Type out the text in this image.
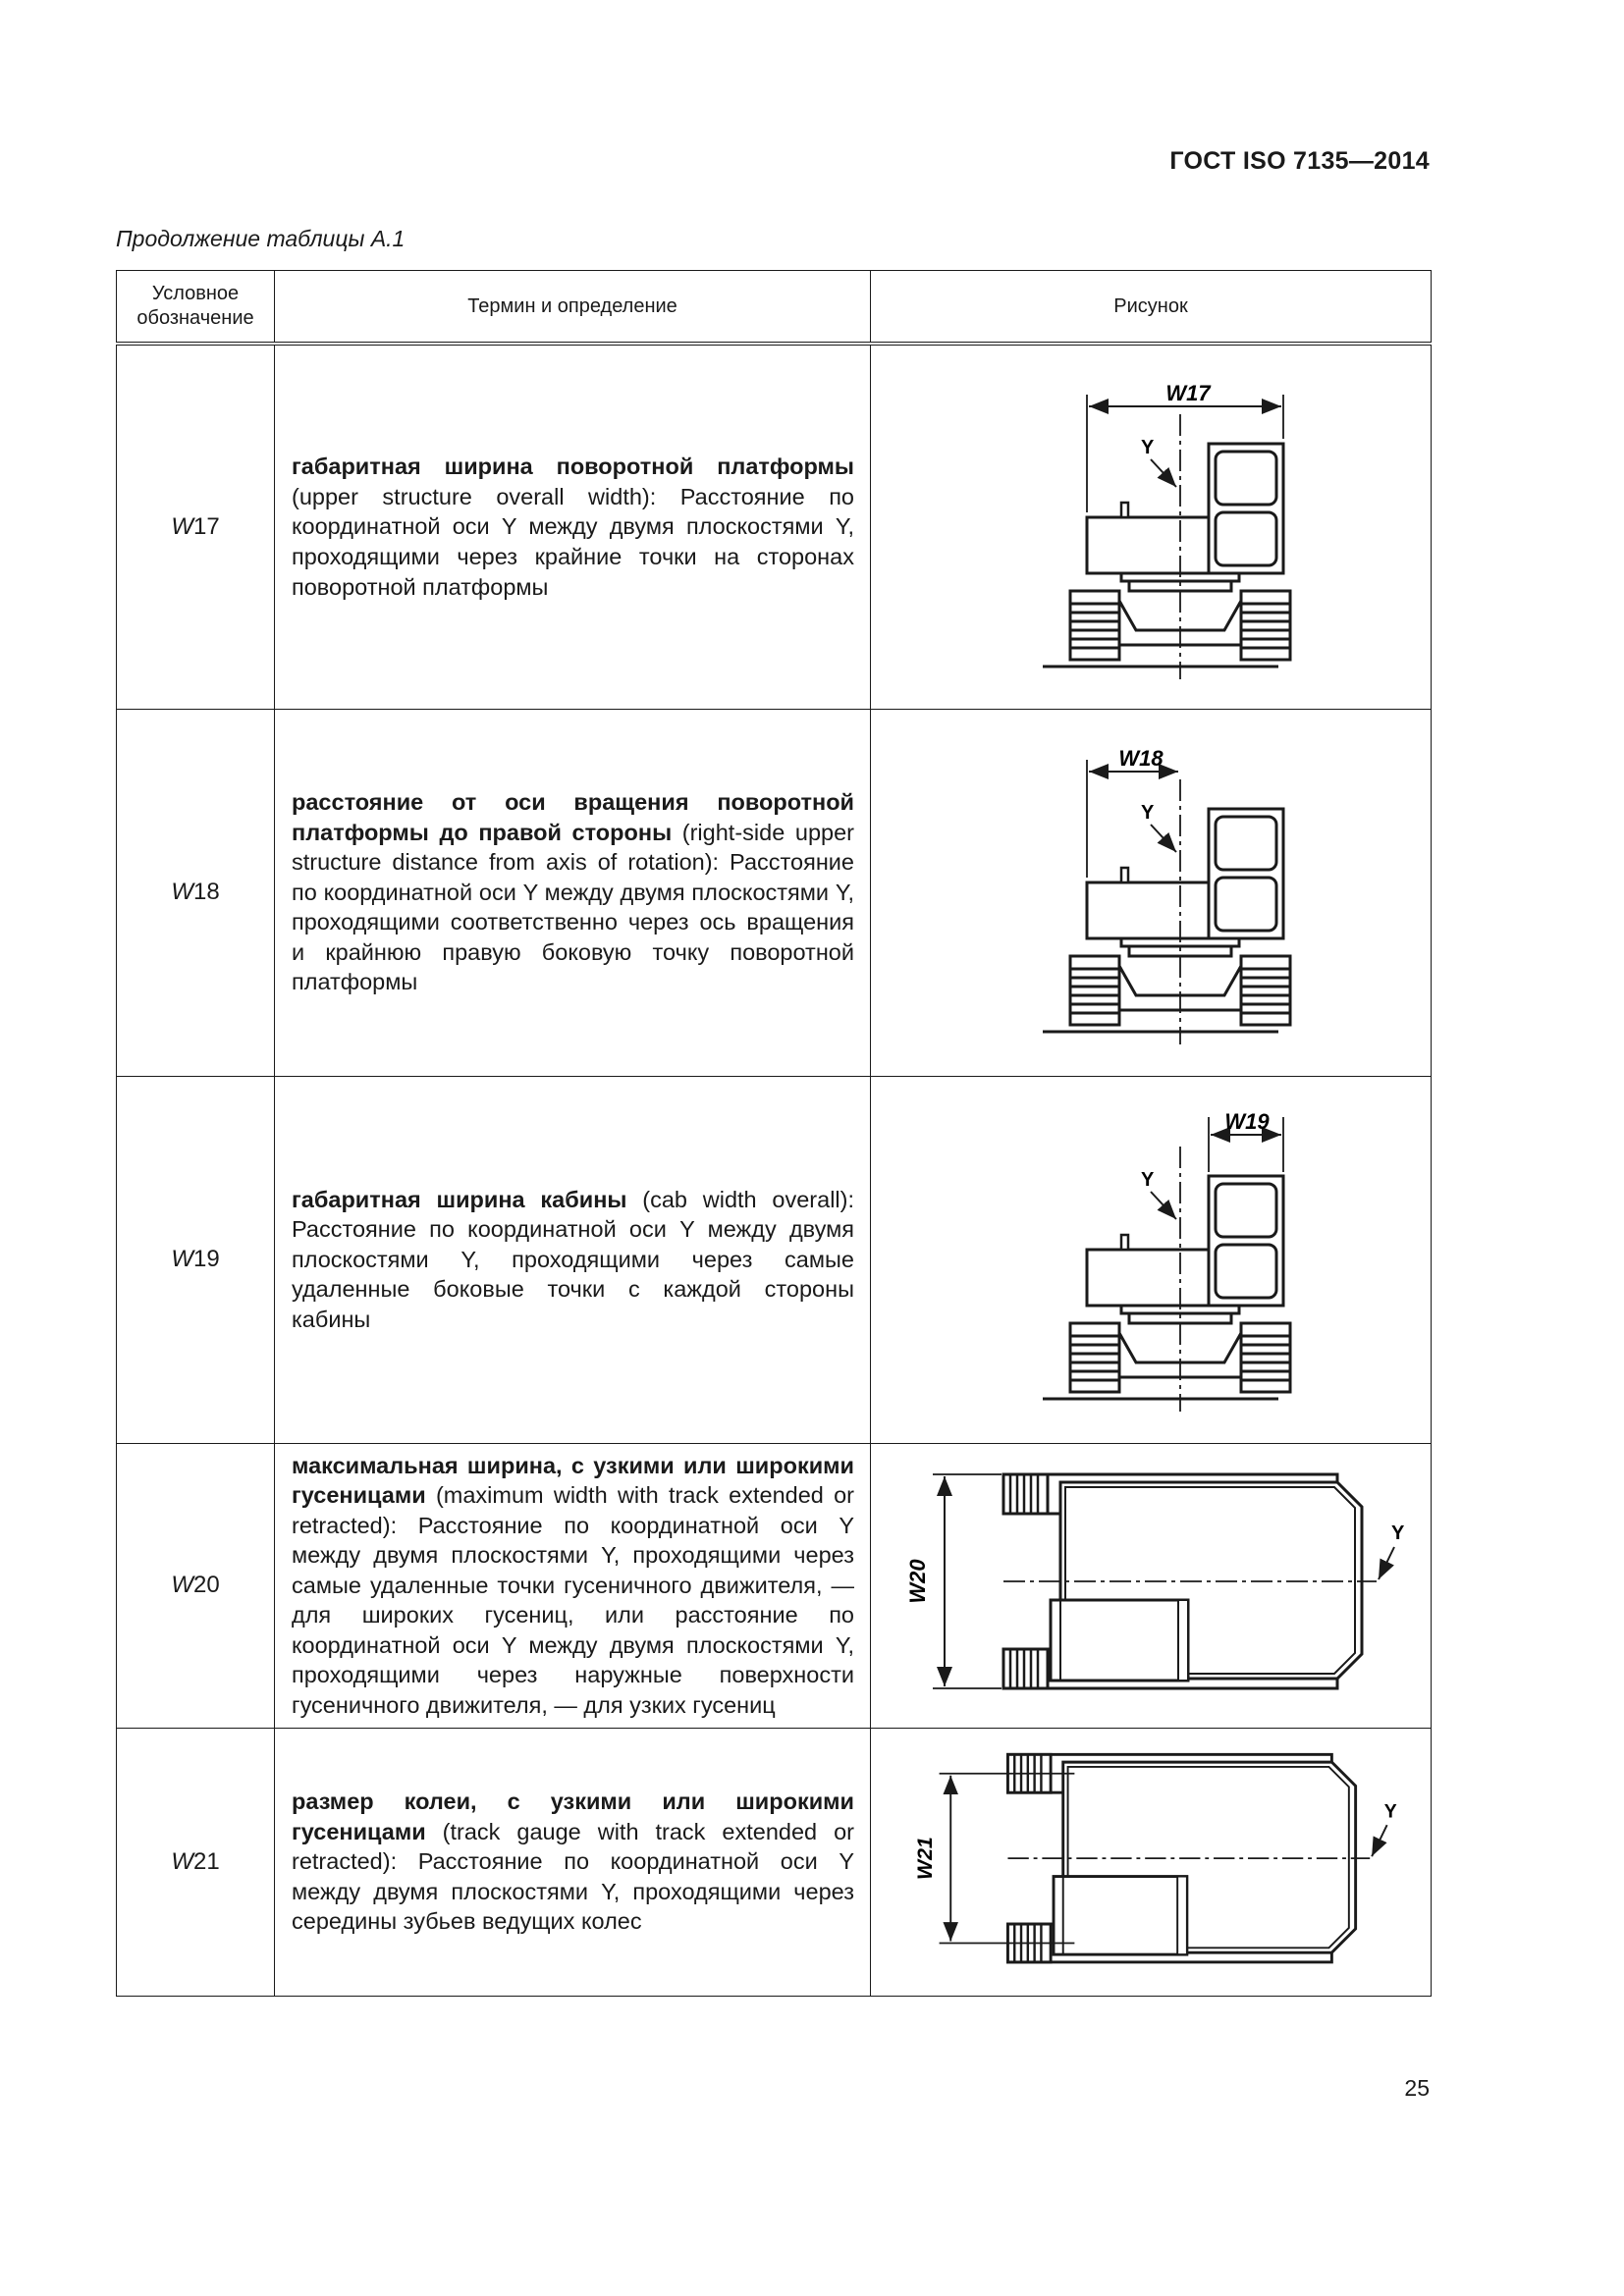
ГОСТ ISO 7135—2014
Продолжение таблицы А.1
Условное обозначение	Термин и определение	Рисунок
W17	габаритная ширина поворотной платформы (upper structure overall width): Расстояние по координатной оси Y между двумя плоскостями Y, проходящими через крайние точки на сторонах поворотной платформы	W17
Y

W18	расстояние от оси вращения поворотной платформы до правой стороны (right-side upper structure distance from axis of rotation): Расстояние по координатной оси Y между двумя плоскостями Y, проходящими соответственно через ось вращения и крайнюю правую боковую точку поворотной платформы	W18
Y

W19	габаритная ширина кабины (cab width overall): Расстояние по координатной оси Y между двумя плоскостями Y, проходящими через самые удаленные боковые точки с каждой стороны кабины	W19
Y

W20	максимальная ширина, с узкими или широкими гусеницами (maximum width with track extended or retracted): Расстояние по координатной оси Y между двумя плоскостями Y, проходящими через самые удаленные точки гусеничного движителя, — для широких гусениц, или расстояние по координатной оси Y между двумя плоскостями Y, проходящими через наружные поверхности гусеничного движителя, — для узких гусениц	W20
Y

W21	размер колеи, с узкими или широкими гусеницами (track gauge with track extended or retracted): Расстояние по координатной оси Y между двумя плоскостями Y, проходящими через середины зубьев ведущих колес	W21
Y
25
